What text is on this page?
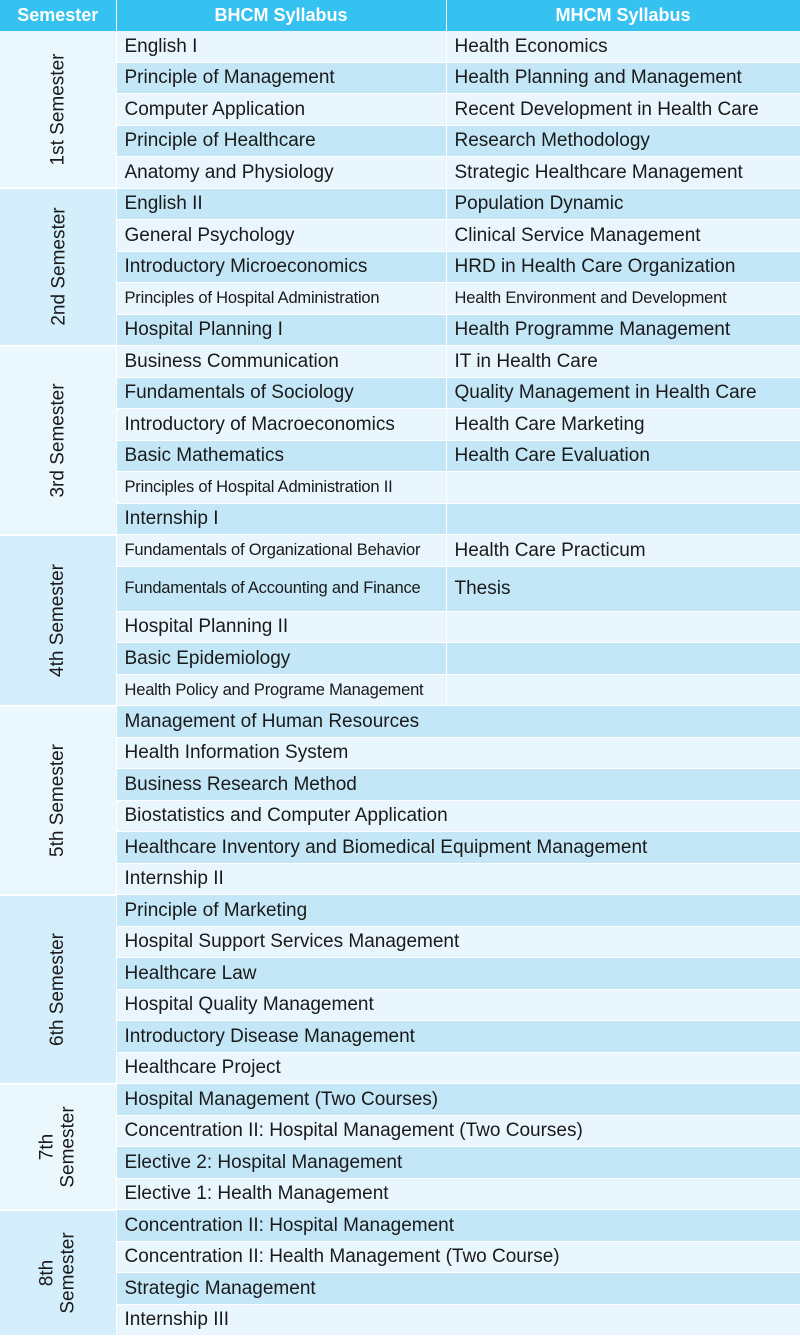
Semester	BHCM Syllabus	MHCM Syllabus
1st Semester	English I	Health Economics
	Principle of Management	Health Planning and Management
	Computer Application	Recent Development in Health Care
	Principle of Healthcare	Research Methodology
	Anatomy and Physiology	Strategic Healthcare Management
2nd Semester	English II	Population Dynamic
	General Psychology	Clinical Service Management
	Introductory Microeconomics	HRD in Health Care Organization
	Principles of Hospital Administration	Health Environment and Development
	Hospital Planning I	Health Programme Management
3rd Semester	Business Communication	IT in Health Care
	Fundamentals of Sociology	Quality Management in Health Care
	Introductory of Macroeconomics	Health Care Marketing
	Basic Mathematics	Health Care Evaluation
	Principles of Hospital Administration II	
	Internship I	
4th Semester	Fundamentals of Organizational Behavior	Health Care Practicum
	Fundamentals of Accounting and Finance	Thesis
	Hospital Planning II	
	Basic Epidemiology	
	Health Policy and Programe Management	
5th Semester	Management of Human Resources	
	Health Information System	
	Business Research Method	
	Biostatistics and Computer Application	
	Healthcare Inventory and Biomedical Equipment Management	
	Internship II	
6th Semester	Principle of Marketing	
	Hospital Support Services Management	
	Healthcare Law	
	Hospital Quality Management	
	Introductory Disease Management	
	Healthcare Project	
7th
Semester	Hospital Management (Two Courses)	
	Concentration II: Hospital Management (Two Courses)	
	Elective 2: Hospital Management	
	Elective 1: Health Management	
8th
Semester	Concentration II: Hospital Management	
	Concentration II: Health Management (Two Course)	
	Strategic Management	
	Internship III	
